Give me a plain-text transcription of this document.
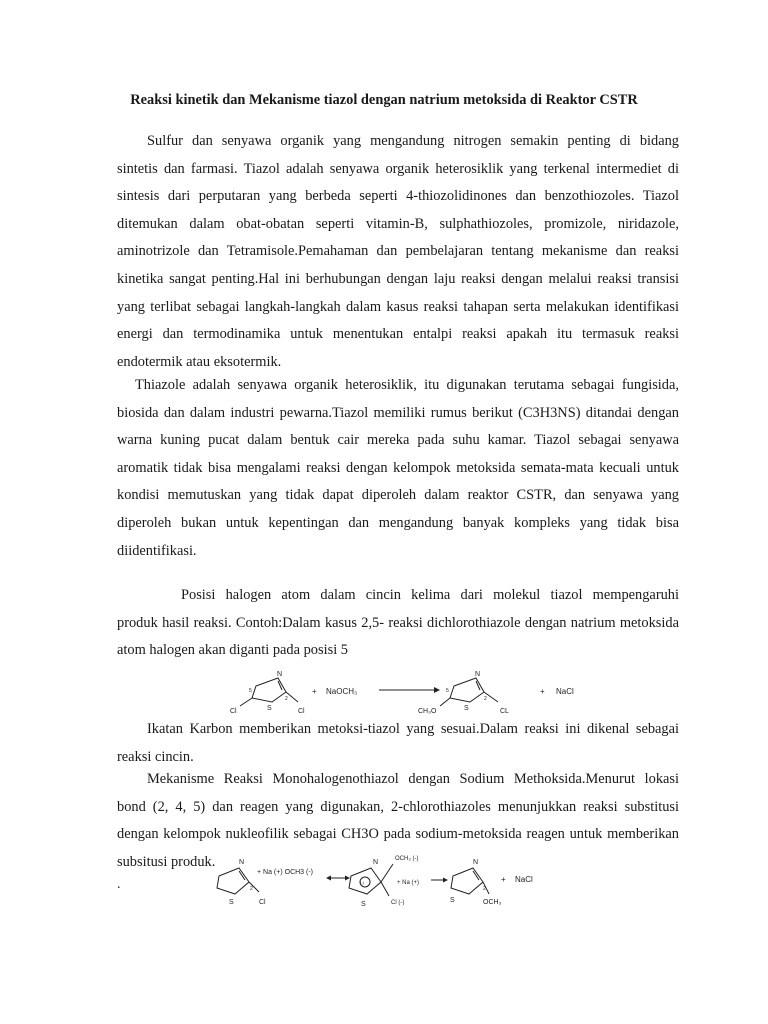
Reaksi kinetik dan Mekanisme tiazol dengan natrium metoksida di Reaktor CSTR
Sulfur dan senyawa organik yang mengandung nitrogen semakin penting di bidang
sintetis dan farmasi. Tiazol adalah senyawa organik heterosiklik yang terkenal intermediet di
sintesis dari perputaran yang berbeda seperti 4-thiozolidinones dan benzothiozoles. Tiazol
ditemukan dalam obat-obatan seperti vitamin-B, sulphathiozoles, promizole, niridazole,
aminotrizole dan Tetramisole.Pemahaman dan pembelajaran tentang mekanisme dan reaksi
kinetika sangat penting.Hal ini berhubungan dengan laju reaksi dengan melalui reaksi transisi
yang terlibat sebagai langkah-langkah dalam kasus reaksi tahapan serta melakukan identifikasi
energi dan termodinamika untuk menentukan entalpi reaksi apakah itu termasuk reaksi
endotermik atau eksotermik.
Thiazole adalah senyawa organik heterosiklik, itu digunakan terutama sebagai fungisida,
biosida dan dalam industri pewarna.Tiazol memiliki rumus berikut (C3H3NS) ditandai dengan
warna kuning pucat dalam bentuk cair mereka pada suhu kamar. Tiazol sebagai senyawa
aromatik tidak bisa mengalami reaksi dengan kelompok metoksida semata-mata kecuali untuk
kondisi memutuskan yang tidak dapat diperoleh dalam reaktor CSTR, dan senyawa yang
diperoleh bukan untuk kepentingan dan mengandung banyak kompleks yang tidak bisa
diidentifikasi.
Posisi halogen atom dalam cincin kelima dari molekul tiazol mempengaruhi
produk hasil reaksi. Contoh:Dalam kasus 2,5- reaksi dichlorothiazole dengan natrium metoksida
atom halogen akan diganti pada posisi 5
N
S
5
2
Cl	Cl
+ NaOCH₃
N
S
5
2
CH₃O	CL
+ NaCl
Ikatan Karbon memberikan metoksi-tiazol yang sesuai.Dalam reaksi ini dikenal sebagai
reaksi cincin.
Mekanisme Reaksi Monohalogenothiazol dengan Sodium Methoksida.Menurut lokasi
bond (2, 4, 5) dan reagen yang digunakan, 2-chlorothiazoles menunjukkan reaksi substitusi
dengan kelompok nukleofilik sebagai CH3O pada sodium-metoksida reagen untuk memberikan
subsitusi produk.
.
N
S
2
Cl
+ Na (+) OCH3 (-)
N
S
(-)
OCH₃ (-)
+ Na (+)
Cl (-)
N
S
2
OCH₃
+ NaCl
